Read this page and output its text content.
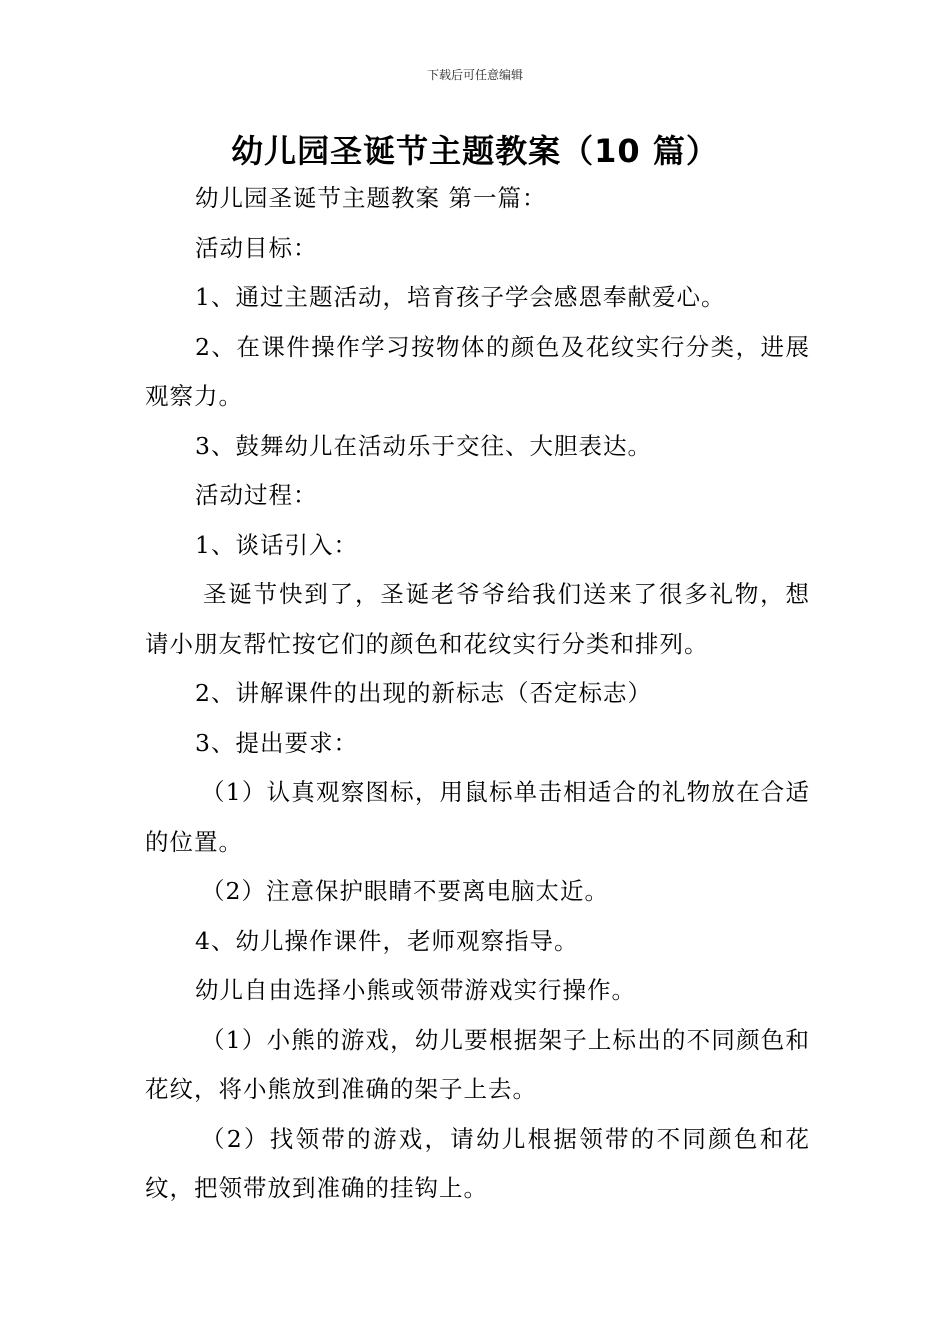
下载后可任意编辑
幼儿园圣诞节主题教案（10 篇）

幼儿园圣诞节主题教案 第一篇：

活动目标：

1、通过主题活动，培育孩子学会感恩奉献爱心。

2、在课件操作学习按物体的颜色及花纹实行分类，进展观察力。

3、鼓舞幼儿在活动乐于交往、大胆表达。

活动过程：

1、谈话引入：

圣诞节快到了，圣诞老爷爷给我们送来了很多礼物，想请小朋友帮忙按它们的颜色和花纹实行分类和排列。

2、讲解课件的出现的新标志（否定标志）

3、提出要求：

（1）认真观察图标，用鼠标单击相适合的礼物放在合适的位置。

（2）注意保护眼睛不要离电脑太近。

4、幼儿操作课件，老师观察指导。

幼儿自由选择小熊或领带游戏实行操作。

（1）小熊的游戏，幼儿要根据架子上标出的不同颜色和花纹，将小熊放到准确的架子上去。

（2）找领带的游戏，请幼儿根据领带的不同颜色和花纹，把领带放到准确的挂钩上。
